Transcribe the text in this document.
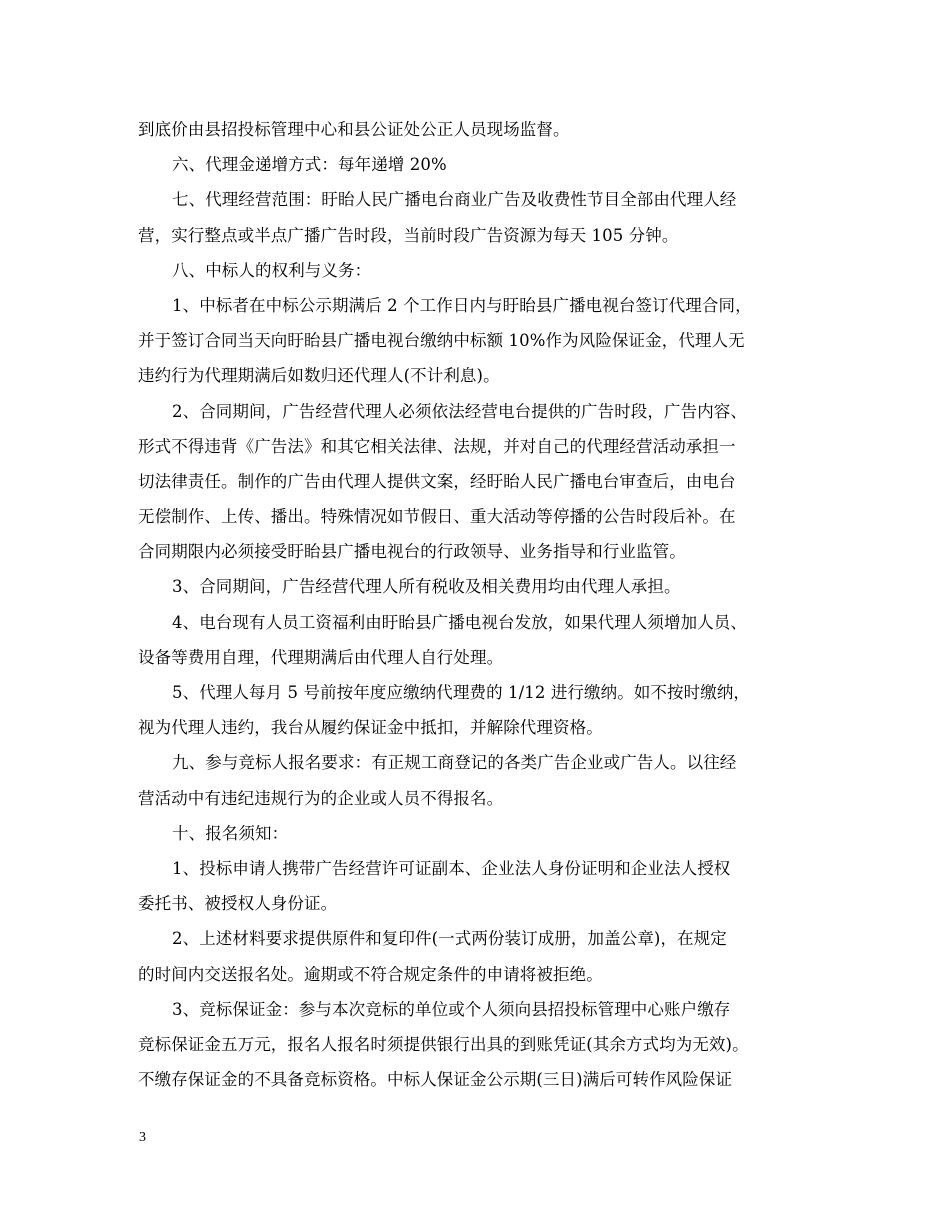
到底价由县招投标管理中心和县公证处公正人员现场监督。
六、代理金递增方式：每年递增 20%
七、代理经营范围：盱眙人民广播电台商业广告及收费性节目全部由代理人经
营，实行整点或半点广播广告时段，当前时段广告资源为每天 105 分钟。
八、中标人的权利与义务：
1、中标者在中标公示期满后 2 个工作日内与盱眙县广播电视台签订代理合同，
并于签订合同当天向盱眙县广播电视台缴纳中标额 10%作为风险保证金，代理人无
违约行为代理期满后如数归还代理人(不计利息)。
2、合同期间，广告经营代理人必须依法经营电台提供的广告时段，广告内容、
形式不得违背《广告法》和其它相关法律、法规，并对自己的代理经营活动承担一
切法律责任。制作的广告由代理人提供文案，经盱眙人民广播电台审查后，由电台
无偿制作、上传、播出。特殊情况如节假日、重大活动等停播的公告时段后补。在
合同期限内必须接受盱眙县广播电视台的行政领导、业务指导和行业监管。
3、合同期间，广告经营代理人所有税收及相关费用均由代理人承担。
4、电台现有人员工资福利由盱眙县广播电视台发放，如果代理人须增加人员、
设备等费用自理，代理期满后由代理人自行处理。
5、代理人每月 5 号前按年度应缴纳代理费的 1/12 进行缴纳。如不按时缴纳，
视为代理人违约，我台从履约保证金中抵扣，并解除代理资格。
九、参与竞标人报名要求：有正规工商登记的各类广告企业或广告人。以往经
营活动中有违纪违规行为的企业或人员不得报名。
十、报名须知：
1、投标申请人携带广告经营许可证副本、企业法人身份证明和企业法人授权
委托书、被授权人身份证。
2、上述材料要求提供原件和复印件(一式两份装订成册，加盖公章)，在规定
的时间内交送报名处。逾期或不符合规定条件的申请将被拒绝。
3、竞标保证金：参与本次竞标的单位或个人须向县招投标管理中心账户缴存
竞标保证金五万元，报名人报名时须提供银行出具的到账凭证(其余方式均为无效)。
不缴存保证金的不具备竞标资格。中标人保证金公示期(三日)满后可转作风险保证
3
